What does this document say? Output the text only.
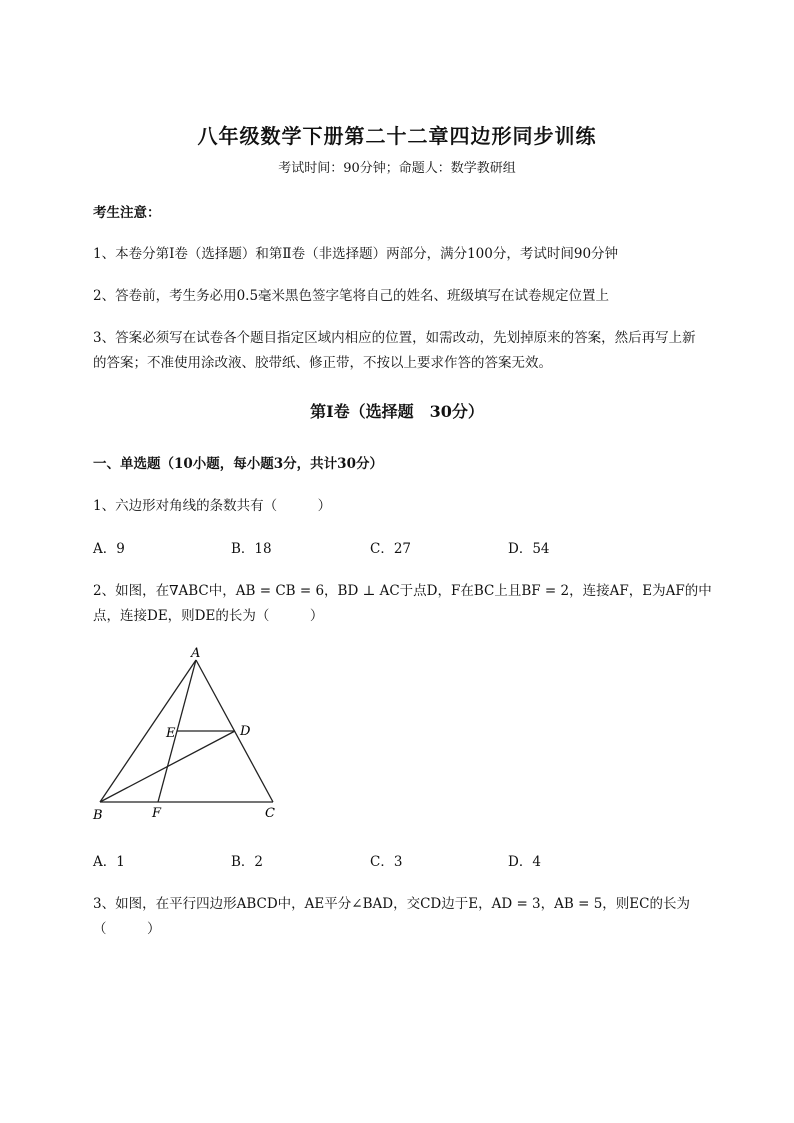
八年级数学下册第二十二章四边形同步训练
考试时间：90分钟；命题人：数学教研组
考生注意：
1、本卷分第I卷（选择题）和第Ⅱ卷（非选择题）两部分，满分100分，考试时间90分钟
2、答卷前，考生务必用0.5毫米黑色签字笔将自己的姓名、班级填写在试卷规定位置上
3、答案必须写在试卷各个题目指定区域内相应的位置，如需改动，先划掉原来的答案，然后再写上新
的答案；不准使用涂改液、胶带纸、修正带，不按以上要求作答的答案无效。
第I卷（选择题　30分）
一、单选题（10小题，每小题3分，共计30分）
1、六边形对角线的条数共有（　　　）
A．9	B．18	C．27	D．54
2、如图，在∇ABC中，AB = CB = 6，BD ⊥ AC于点D，F在BC上且BF = 2，连接AF，E为AF的中
点，连接DE，则DE的长为（　　　）
A
B	C
D
E
F
A．1	B．2	C．3	D．4
3、如图，在平行四边形ABCD中，AE平分∠BAD，交CD边于E，AD = 3，AB = 5，则EC的长为
（　　　）
